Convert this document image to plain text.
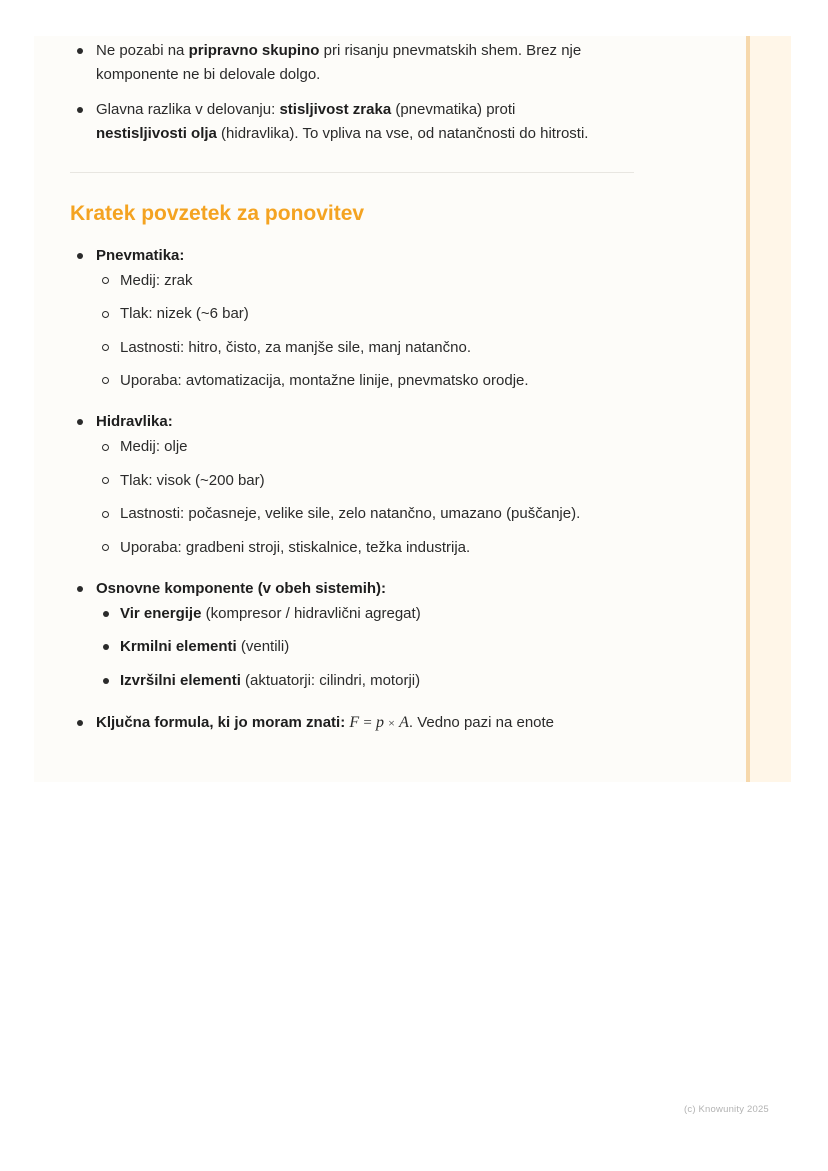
Ne pozabi na pripravno skupino pri risanju pnevmatskih shem. Brez nje
komponente ne bi delovale dolgo.
Glavna razlika v delovanju: stisljivost zraka (pnevmatika) proti
nestisljivosti olja (hidravlika). To vpliva na vse, od natančnosti do hitrosti.
Kratek povzetek za ponovitev
Pnevmatika:
Medij: zrak
Tlak: nizek (~6 bar)
Lastnosti: hitro, čisto, za manjše sile, manj natančno.
Uporaba: avtomatizacija, montažne linije, pnevmatsko orodje.
Hidravlika:
Medij: olje
Tlak: visok (~200 bar)
Lastnosti: počasneje, velike sile, zelo natančno, umazano (puščanje).
Uporaba: gradbeni stroji, stiskalnice, težka industrija.
Osnovne komponente (v obeh sistemih):
Vir energije (kompresor / hidravlični agregat)
Krmilni elementi (ventili)
Izvršilni elementi (aktuatorji: cilindri, motorji)
Ključna formula, ki jo moram znati: F = p × A. Vedno pazi na enote
(c) Knowunity 2025
